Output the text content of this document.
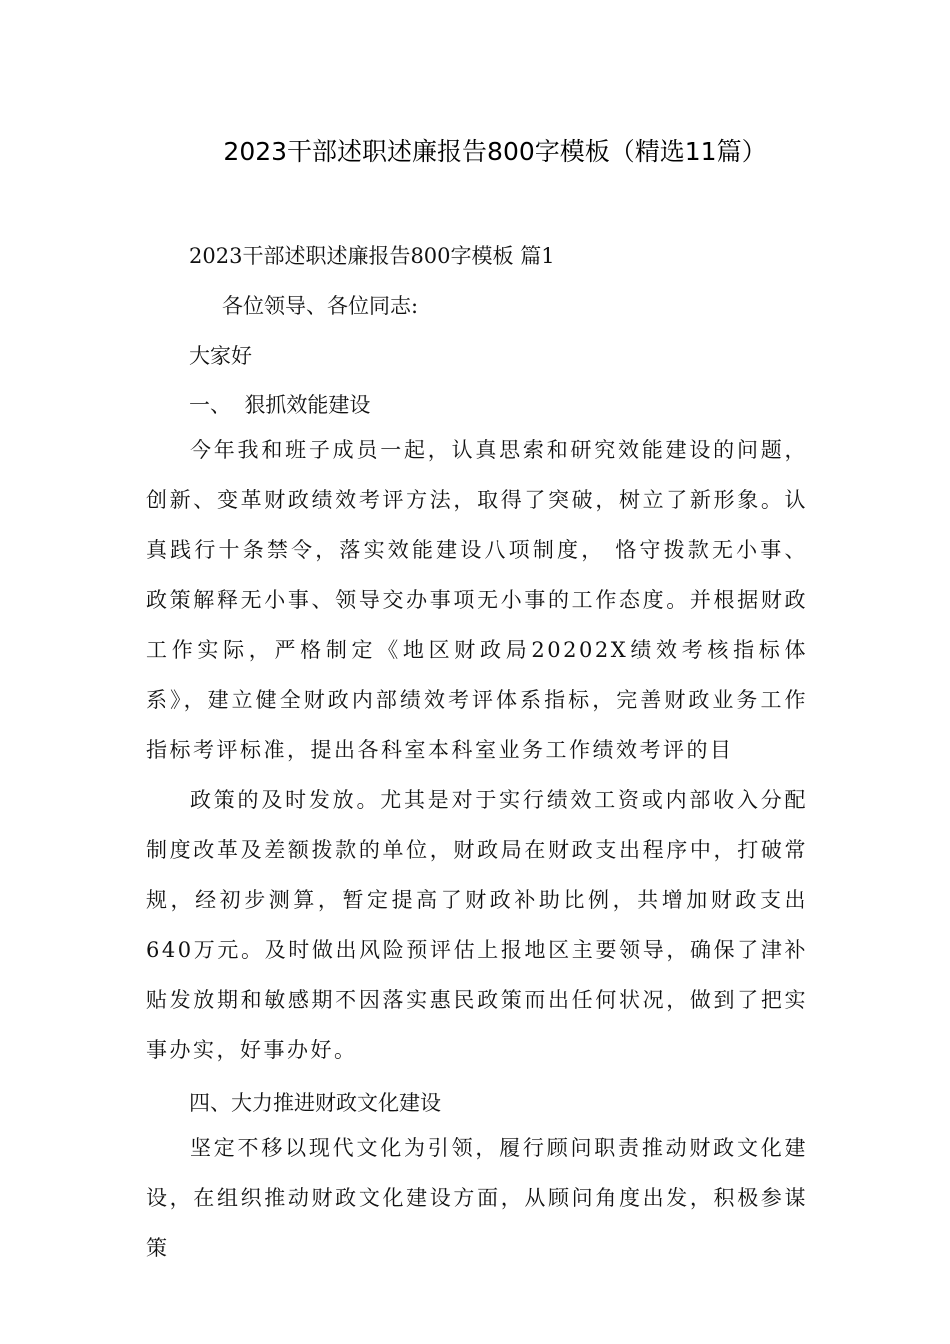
2023干部述职述廉报告800字模板（精选11篇）
2023干部述职述廉报告800字模板 篇1
各位领导、各位同志:
大家好
一、  狠抓效能建设

今年我和班子成员一起，认真思索和研究效能建设的问题，创新、变革财政绩效考评方法，取得了突破，树立了新形象。认真践行十条禁令，落实效能建设八项制度， 恪守拨款无小事、政策解释无小事、领导交办事项无小事的工作态度。并根据财政工作实际，严格制定《地区财政局20202X绩效考核指标体系》，建立健全财政内部绩效考评体系指标，完善财政业务工作指标考评标准，提出各科室本科室业务工作绩效考评的目

政策的及时发放。尤其是对于实行绩效工资或内部收入分配制度改革及差额拨款的单位，财政局在财政支出程序中，打破常规，经初步测算，暂定提高了财政补助比例，共增加财政支出640万元。及时做出风险预评估上报地区主要领导，确保了津补贴发放期和敏感期不因落实惠民政策而出任何状况，做到了把实事办实，好事办好。

四、大力推进财政文化建设

坚定不移以现代文化为引领，履行顾问职责推动财政文化建设，在组织推动财政文化建设方面，从顾问角度出发，积极参谋策
